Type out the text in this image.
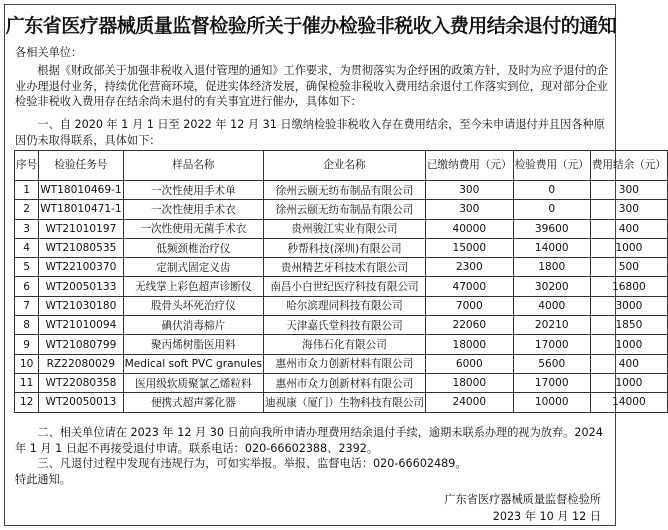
广东省医疗器械质量监督检验所关于催办检验非税收入费用结余退付的通知
各相关单位：
根据《财政部关于加强非税收入退付管理的通知》工作要求，为贯彻落实为企纾困的政策方针，及时为应予退付的企业办理退付业务，持续优化营商环境，促进实体经济发展，确保检验非税收入费用结余退付工作落实到位，现对部分企业检验非税收入费用存在结余尚未退付的有关事宜进行催办，具体如下：
一、自 2020 年 1 月 1 日至 2022 年 12 月 31 日缴纳检验非税收入存在费用结余，至今未申请退付并且因各种原因仍未取得联系，具体如下：
序号	检验任务号	样品名称	企业名称	已缴纳费用（元）	检验费用（元）	费用结余（元）
1	WT18010469-1	一次性使用手术单	徐州云颐无纺布制品有限公司	300	0	300
2	WT18010471-1	一次性使用手术衣	徐州云颐无纺布制品有限公司	300	0	300
3	WT21010197	一次性使用无菌手术衣	贵州骏江实业有限公司	40000	39600	400
4	WT21080535	低频颈椎治疗仪	秒帮科技(深圳)有限公司	15000	14000	1000
5	WT22100370	定制式固定义齿	贵州精艺牙科技术有限公司	2300	1800	500
6	WT20050133	无线掌上彩色超声诊断仪	南昌小白世纪医疗科技有限公司	47000	30200	16800
7	WT21030180	股骨头坏死治疗仪	哈尔滨理同科技有限公司	7000	4000	3000
8	WT21010094	碘伏消毒棉片	天津嘉氏堂科技有限公司	22060	20210	1850
9	WT21080799	聚丙烯树脂医用料	海伟石化有限公司	18000	17000	1000
10	RZ22080029	Medical soft PVC granules	惠州市众力创新材料有限公司	6000	5600	400
11	WT22080358	医用级软质聚氯乙烯粒料	惠州市众力创新材料有限公司	18000	17000	1000
12	WT20050013	便携式超声雾化器	迪视康（厦门）生物科技有限公司	24000	10000	14000
二、相关单位请在 2023 年 12 月 30 日前向我所申请办理费用结余退付手续，逾期未联系办理的视为放弃。2024年 1 月 1 日起不再接受退付申请。联系电话：020-66602388、2392。
三、凡退付过程中发现有违规行为，可如实举报。举报、监督电话：020-66602489。
特此通知。
广东省医疗器械质量监督检验所
2023 年 10 月 12 日
